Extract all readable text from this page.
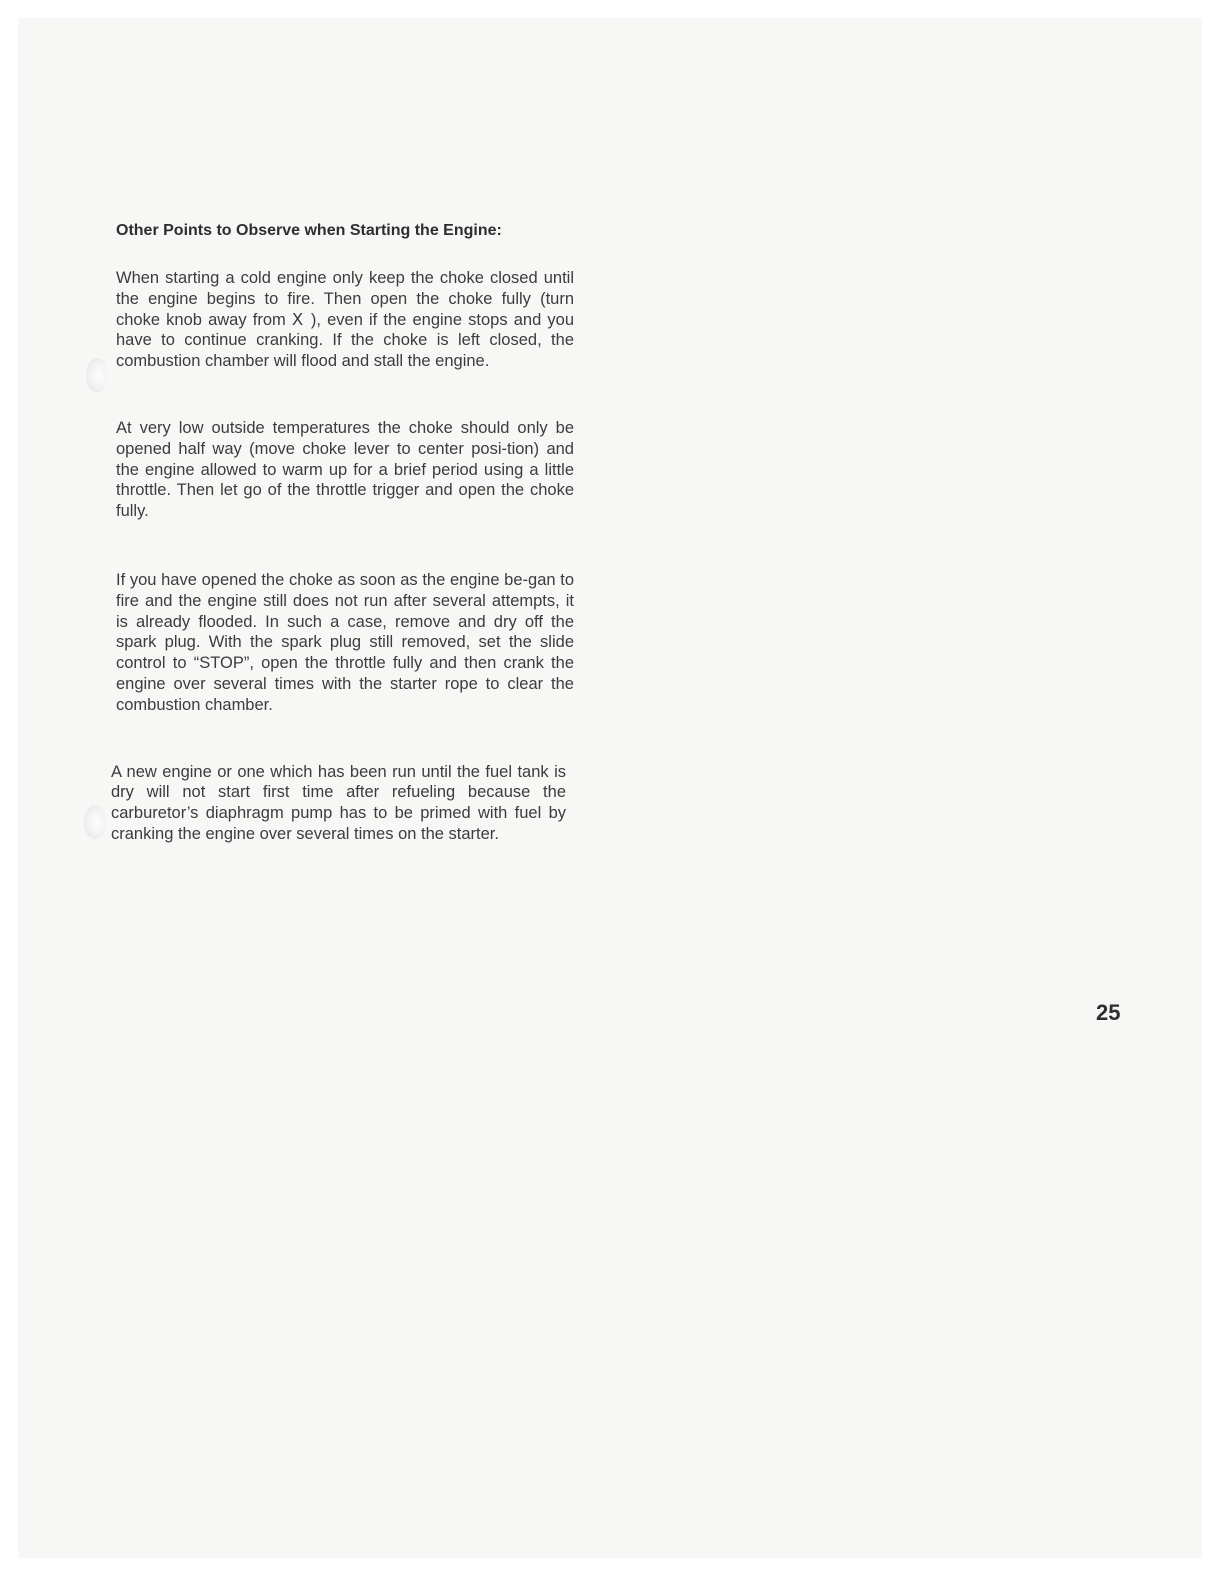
Other Points to Observe when Starting the Engine:

When starting a cold engine only keep the choke closed until the engine begins to fire. Then open the choke fully (turn choke knob away from Ⅹ ), even if the engine stops and you have to continue cranking. If the choke is left closed, the combustion chamber will flood and stall the engine.

At very low outside temperatures the choke should only be opened half way (move choke lever to center posi-tion) and the engine allowed to warm up for a brief period using a little throttle. Then let go of the throttle trigger and open the choke fully.

If you have opened the choke as soon as the engine be-gan to fire and the engine still does not run after several attempts, it is already flooded. In such a case, remove and dry off the spark plug. With the spark plug still removed, set the slide control to “STOP”, open the throttle fully and then crank the engine over several times with the starter rope to clear the combustion chamber.

A new engine or one which has been run until the fuel tank is dry will not start first time after refueling because the carburetor’s diaphragm pump has to be primed with fuel by cranking the engine over several times on the starter.

25
